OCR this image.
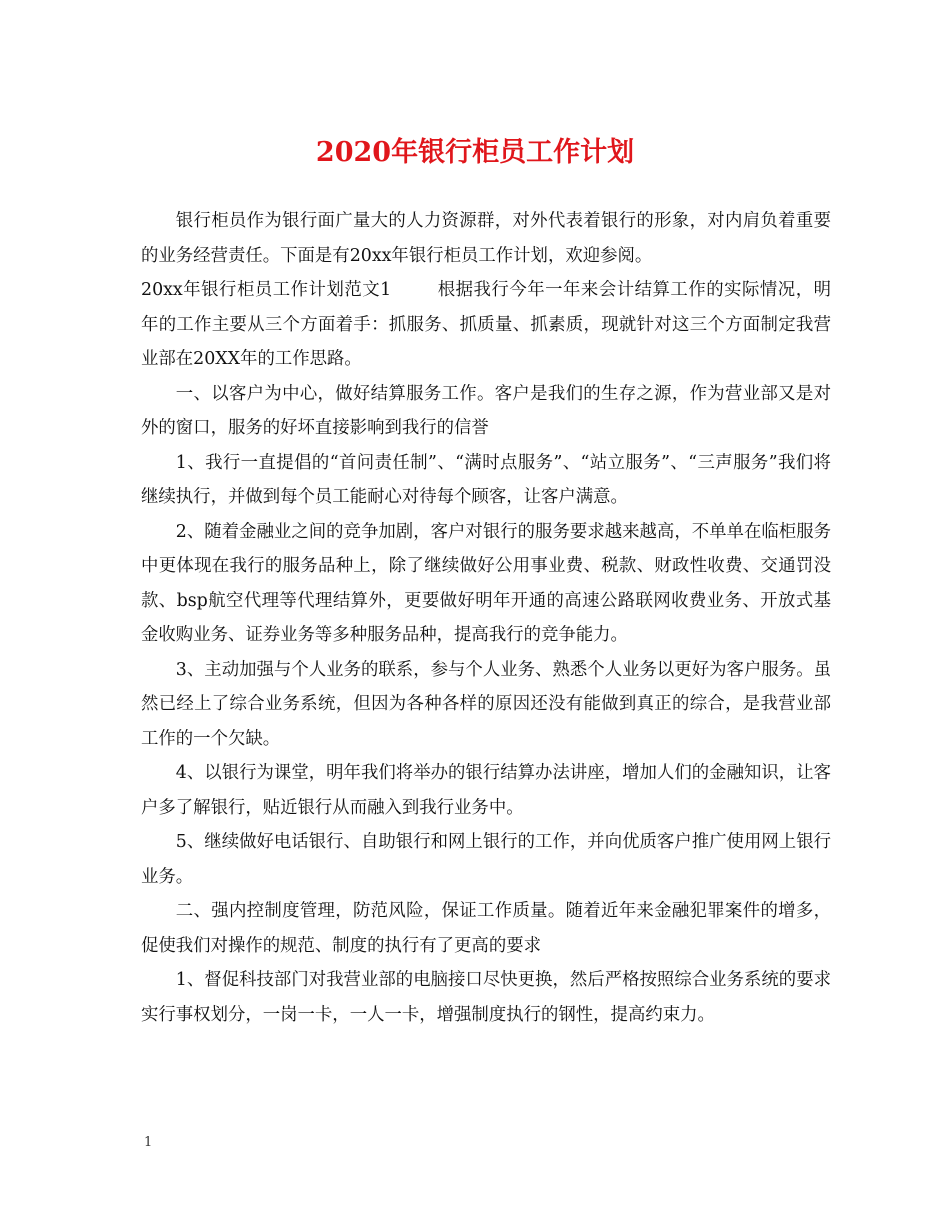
2020年银行柜员工作计划

银行柜员作为银行面广量大的人力资源群，对外代表着银行的形象，对内肩负着重要的业务经营责任。下面是有20xx年银行柜员工作计划，欢迎参阅。

20xx年银行柜员工作计划范文1	根据我行今年一年来会计结算工作的实际情况，明年的工作主要从三个方面着手：抓服务、抓质量、抓素质，现就针对这三个方面制定我营业部在20XX年的工作思路。

一、以客户为中心，做好结算服务工作。客户是我们的生存之源，作为营业部又是对外的窗口，服务的好坏直接影响到我行的信誉

1、我行一直提倡的“首问责任制”、“满时点服务”、“站立服务”、“三声服务”我们将继续执行，并做到每个员工能耐心对待每个顾客，让客户满意。

2、随着金融业之间的竞争加剧，客户对银行的服务要求越来越高，不单单在临柜服务中更体现在我行的服务品种上，除了继续做好公用事业费、税款、财政性收费、交通罚没款、bsp航空代理等代理结算外，更要做好明年开通的高速公路联网收费业务、开放式基金收购业务、证券业务等多种服务品种，提高我行的竞争能力。

3、主动加强与个人业务的联系，参与个人业务、熟悉个人业务以更好为客户服务。虽然已经上了综合业务系统，但因为各种各样的原因还没有能做到真正的综合，是我营业部工作的一个欠缺。

4、以银行为课堂，明年我们将举办的银行结算办法讲座，增加人们的金融知识，让客户多了解银行，贴近银行从而融入到我行业务中。

5、继续做好电话银行、自助银行和网上银行的工作，并向优质客户推广使用网上银行业务。

二、强内控制度管理，防范风险，保证工作质量。随着近年来金融犯罪案件的增多，促使我们对操作的规范、制度的执行有了更高的要求

1、督促科技部门对我营业部的电脑接口尽快更换，然后严格按照综合业务系统的要求实行事权划分，一岗一卡，一人一卡，增强制度执行的钢性，提高约束力。

1
